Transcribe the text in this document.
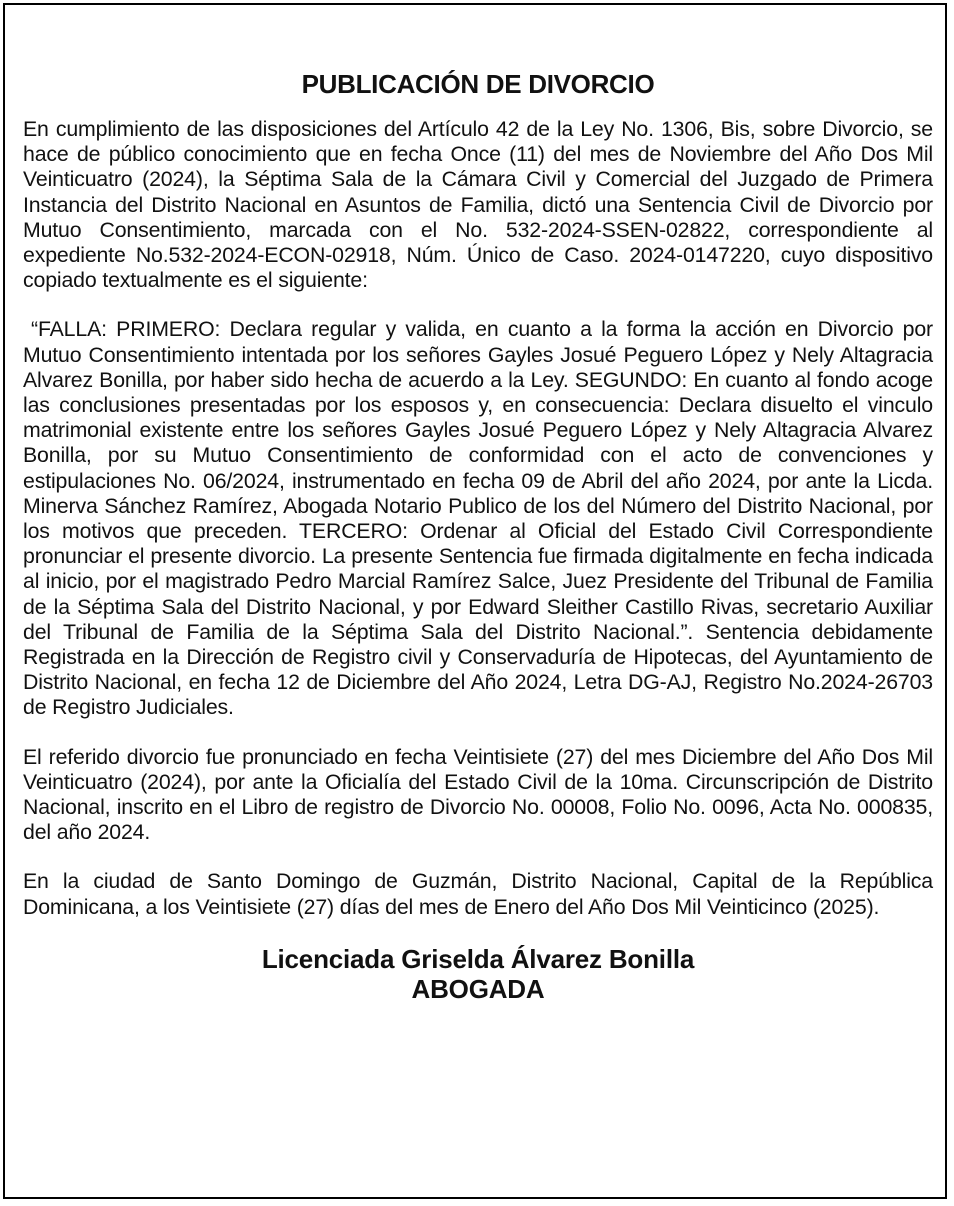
PUBLICACIÓN DE DIVORCIO

En cumplimiento de las disposiciones del Artículo 42 de la Ley No. 1306, Bis, sobre Divorcio, se hace de público conocimiento que en fecha Once (11) del mes de Noviembre del Año Dos Mil Veinticuatro (2024), la Séptima Sala de la Cámara Civil y Comercial del Juzgado de Primera Instancia del Distrito Nacional en Asuntos de Familia, dictó una Sentencia Civil de Divorcio por Mutuo Consentimiento, marcada con el No. 532-2024-SSEN-02822, correspondiente al expediente No.532-2024-ECON-02918, Núm. Único de Caso. 2024-0147220, cuyo dispositivo copiado textualmente es el siguiente:

“FALLA: PRIMERO: Declara regular y valida, en cuanto a la forma la acción en Divorcio por Mutuo Consentimiento intentada por los señores Gayles Josué Peguero López y Nely Altagracia Alvarez Bonilla, por haber sido hecha de acuerdo a la Ley. SEGUNDO: En cuanto al fondo acoge las conclusiones presentadas por los esposos y, en consecuencia: Declara disuelto el vinculo matrimonial existente entre los señores Gayles Josué Peguero López y Nely Altagracia Alvarez Bonilla, por su Mutuo Consentimiento de conformidad con el acto de convenciones y estipulaciones No. 06/2024, instrumentado en fecha 09 de Abril del año 2024, por ante la Licda. Minerva Sánchez Ramírez, Abogada Notario Publico de los del Número del Distrito Nacional, por los motivos que preceden. TERCERO: Ordenar al Oficial del Estado Civil Correspondiente pronunciar el presente divorcio. La presente Sentencia fue firmada digitalmente en fecha indicada al inicio, por el magistrado Pedro Marcial Ramírez Salce, Juez Presidente del Tribunal de Familia de la Séptima Sala del Distrito Nacional, y por Edward Sleither Castillo Rivas, secretario Auxiliar del Tribunal de Familia de la Séptima Sala del Distrito Nacional.”. Sentencia debidamente Registrada en la Dirección de Registro civil y Conservaduría de Hipotecas, del Ayuntamiento de Distrito Nacional, en fecha 12 de Diciembre del Año 2024, Letra DG-AJ, Registro No.2024-26703 de Registro Judiciales.

El referido divorcio fue pronunciado en fecha Veintisiete (27) del mes Diciembre del Año Dos Mil Veinticuatro (2024), por ante la Oficialía del Estado Civil de la 10ma. Circunscripción de Distrito Nacional, inscrito en el Libro de registro de Divorcio No. 00008, Folio No. 0096, Acta No. 000835, del año 2024.

En la ciudad de Santo Domingo de Guzmán, Distrito Nacional, Capital de la República Dominicana, a los Veintisiete (27) días del mes de Enero del Año Dos Mil Veinticinco (2025).

Licenciada Griselda Álvarez Bonilla
ABOGADA
